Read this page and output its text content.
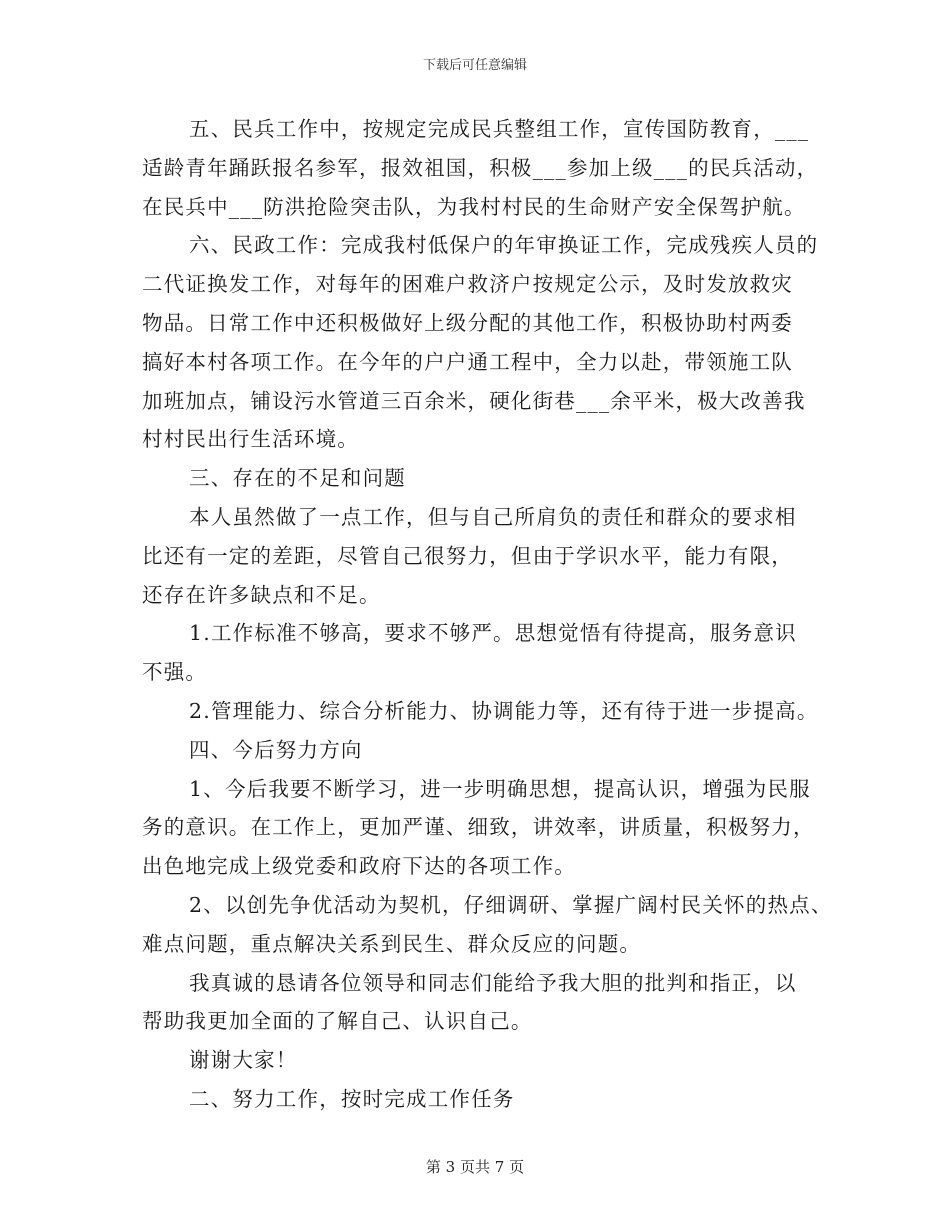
下载后可任意编辑
五、民兵工作中，按规定完成民兵整组工作，宣传国防教育，___
适龄青年踊跃报名参军，报效祖国，积极___参加上级___的民兵活动，
在民兵中___防洪抢险突击队，为我村村民的生命财产安全保驾护航。
六、民政工作：完成我村低保户的年审换证工作，完成残疾人员的
二代证换发工作，对每年的困难户救济户按规定公示，及时发放救灾
物品。日常工作中还积极做好上级分配的其他工作，积极协助村两委
搞好本村各项工作。在今年的户户通工程中，全力以赴，带领施工队
加班加点，铺设污水管道三百余米，硬化街巷___余平米，极大改善我
村村民出行生活环境。
三、存在的不足和问题
本人虽然做了一点工作，但与自己所肩负的责任和群众的要求相
比还有一定的差距，尽管自己很努力，但由于学识水平，能力有限，
还存在许多缺点和不足。
1.工作标准不够高，要求不够严。思想觉悟有待提高，服务意识
不强。
2.管理能力、综合分析能力、协调能力等，还有待于进一步提高。
四、今后努力方向
1、今后我要不断学习，进一步明确思想，提高认识，增强为民服
务的意识。在工作上，更加严谨、细致，讲效率，讲质量，积极努力，
出色地完成上级党委和政府下达的各项工作。
2、以创先争优活动为契机，仔细调研、掌握广阔村民关怀的热点、
难点问题，重点解决关系到民生、群众反应的问题。
我真诚的恳请各位领导和同志们能给予我大胆的批判和指正，以
帮助我更加全面的了解自己、认识自己。
谢谢大家！
二、努力工作，按时完成工作任务
第 3 页共 7 页
